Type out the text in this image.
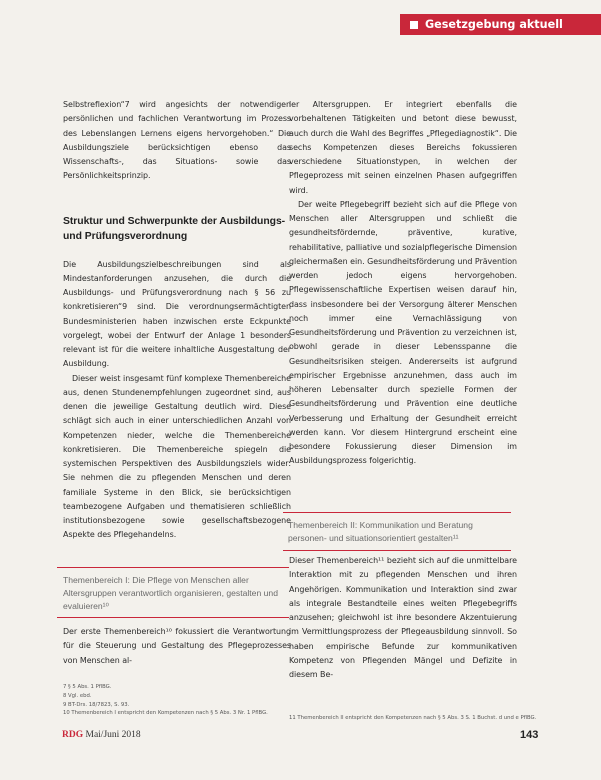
Gesetzgebung aktuell

Selbstreflexion“7 wird angesichts der notwendigen persönlichen und fachlichen Verantwortung im Prozess des Lebenslangen Lernens eigens hervorgehoben.“ Die Ausbildungsziele berücksichtigen ebenso das Wissenschafts-, das Situations- sowie das Persönlichkeitsprinzip.

Struktur und Schwerpunkte der Ausbildungs- und Prüfungsverordnung

Die Ausbildungszielbeschreibungen sind als Mindestanforderungen anzusehen, die durch die Ausbildungs- und Prüfungsverordnung nach § 56 zu konkretisieren“9 sind. Die verordnungsermächtigten Bundesministerien haben inzwischen erste Eckpunkte vorgelegt, wobei der Entwurf der Anlage 1 besonders relevant ist für die weitere inhaltliche Ausgestaltung der Ausbildung.

Dieser weist insgesamt fünf komplexe Themenbereiche aus, denen Stundenempfehlungen zugeordnet sind, aus denen die jeweilige Gestaltung deutlich wird. Diese schlägt sich auch in einer unterschiedlichen Anzahl von Kompetenzen nieder, welche die Themenbereiche konkretisieren. Die Themenbereiche spiegeln die systemischen Perspektiven des Ausbildungsziels wider: Sie nehmen die zu pflegenden Menschen und deren familiale Systeme in den Blick, sie berücksichtigen teambezogene Aufgaben und thematisieren schließlich institutionsbezogene sowie gesellschaftsbezogene Aspekte des Pflegehandelns.

Themenbereich I: Die Pflege von Menschen aller Altersgruppen verantwortlich organisieren, gestalten und evaluieren¹⁰

Der erste Themenbereich¹⁰ fokussiert die Verantwortung für die Steuerung und Gestaltung des Pflegeprozesses von Menschen al-

7 § 5 Abs. 1 PflBG.
8 Vgl. ebd.
9 BT-Drs. 18/7823, S. 93.
10 Themenbereich I entspricht den Kompetenzen nach § 5 Abs. 3 Nr. 1 PflBG.

ler Altersgruppen. Er integriert ebenfalls die vorbehaltenen Tätigkeiten und betont diese bewusst, auch durch die Wahl des Begriffes „Pflegediagnostik“. Die sechs Kompetenzen dieses Bereichs fokussieren verschiedene Situationstypen, in welchen der Pflegeprozess mit seinen einzelnen Phasen aufgegriffen wird.

Der weite Pflegebegriff bezieht sich auf die Pflege von Menschen aller Altersgruppen und schließt die gesundheitsfördernde, präventive, kurative, rehabilitative, palliative und sozialpflegerische Dimension gleichermaßen ein. Gesundheitsförderung und Prävention werden jedoch eigens hervorgehoben. Pflegewissenschaftliche Expertisen weisen darauf hin, dass insbesondere bei der Versorgung älterer Menschen noch immer eine Vernachlässigung von Gesundheitsförderung und Prävention zu verzeichnen ist, obwohl gerade in dieser Lebensspanne die Gesundheitsrisiken steigen. Andererseits ist aufgrund empirischer Ergebnisse anzunehmen, dass auch im höheren Lebensalter durch spezielle Formen der Gesundheitsförderung und Prävention eine deutliche Verbesserung und Erhaltung der Gesundheit erreicht werden kann. Vor diesem Hintergrund erscheint eine besondere Fokussierung dieser Dimension im Ausbildungsprozess folgerichtig.

Themenbereich II: Kommunikation und Beratung personen- und situationsorientiert gestalten¹¹

Dieser Themenbereich¹¹ bezieht sich auf die unmittelbare Interaktion mit zu pflegenden Menschen und ihren Angehörigen. Kommunikation und Interaktion sind zwar als integrale Bestandteile eines weiten Pflegebegriffs anzusehen; gleichwohl ist ihre besondere Akzentuierung im Vermittlungsprozess der Pflegeausbildung sinnvoll. So haben empirische Befunde zur kommunikativen Kompetenz von Pflegenden Mängel und Defizite in diesem Be-

11 Themenbereich II entspricht den Kompetenzen nach § 5 Abs. 3 S. 1 Buchst. d und e PflBG.
RDG Mai/Juni 2018	143
